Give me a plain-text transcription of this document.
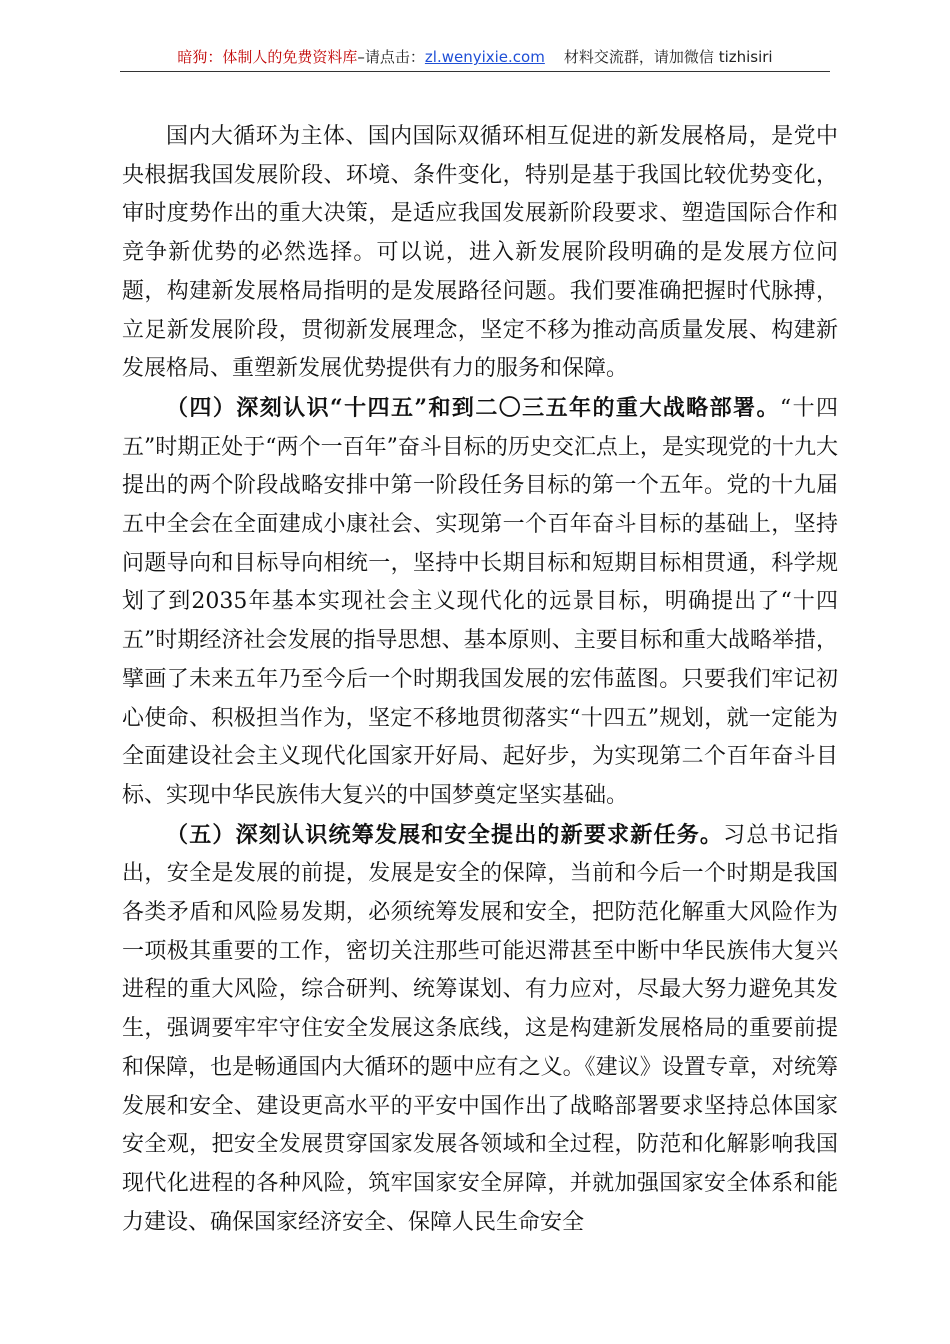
暗狗：体制人的免费资料库–请点击：zl.wenyixie.com 材料交流群，请加微信 tizhisiri

国内大循环为主体、国内国际双循环相互促进的新发展格局，是党中央根据我国发展阶段、环境、条件变化，特别是基于我国比较优势变化，审时度势作出的重大决策，是适应我国发展新阶段要求、塑造国际合作和竞争新优势的必然选择。可以说，进入新发展阶段明确的是发展方位问题，构建新发展格局指明的是发展路径问题。我们要准确把握时代脉搏，立足新发展阶段，贯彻新发展理念，坚定不移为推动高质量发展、构建新发展格局、重塑新发展优势提供有力的服务和保障。

（四）深刻认识“十四五”和到二〇三五年的重大战略部署。“十四五”时期正处于“两个一百年”奋斗目标的历史交汇点上，是实现党的十九大提出的两个阶段战略安排中第一阶段任务目标的第一个五年。党的十九届五中全会在全面建成小康社会、实现第一个百年奋斗目标的基础上，坚持问题导向和目标导向相统一，坚持中长期目标和短期目标相贯通，科学规划了到2035年基本实现社会主义现代化的远景目标，明确提出了“十四五”时期经济社会发展的指导思想、基本原则、主要目标和重大战略举措，擘画了未来五年乃至今后一个时期我国发展的宏伟蓝图。只要我们牢记初心使命、积极担当作为，坚定不移地贯彻落实“十四五”规划，就一定能为全面建设社会主义现代化国家开好局、起好步，为实现第二个百年奋斗目标、实现中华民族伟大复兴的中国梦奠定坚实基础。

（五）深刻认识统筹发展和安全提出的新要求新任务。习总书记指出，安全是发展的前提，发展是安全的保障，当前和今后一个时期是我国各类矛盾和风险易发期，必须统筹发展和安全，把防范化解重大风险作为一项极其重要的工作，密切关注那些可能迟滞甚至中断中华民族伟大复兴进程的重大风险，综合研判、统筹谋划、有力应对，尽最大努力避免其发生，强调要牢牢守住安全发展这条底线，这是构建新发展格局的重要前提和保障，也是畅通国内大循环的题中应有之义。《建议》设置专章，对统筹发展和安全、建设更高水平的平安中国作出了战略部署要求坚持总体国家安全观，把安全发展贯穿国家发展各领域和全过程，防范和化解影响我国现代化进程的各种风险，筑牢国家安全屏障，并就加强国家安全体系和能力建设、确保国家经济安全、保障人民生命安全
